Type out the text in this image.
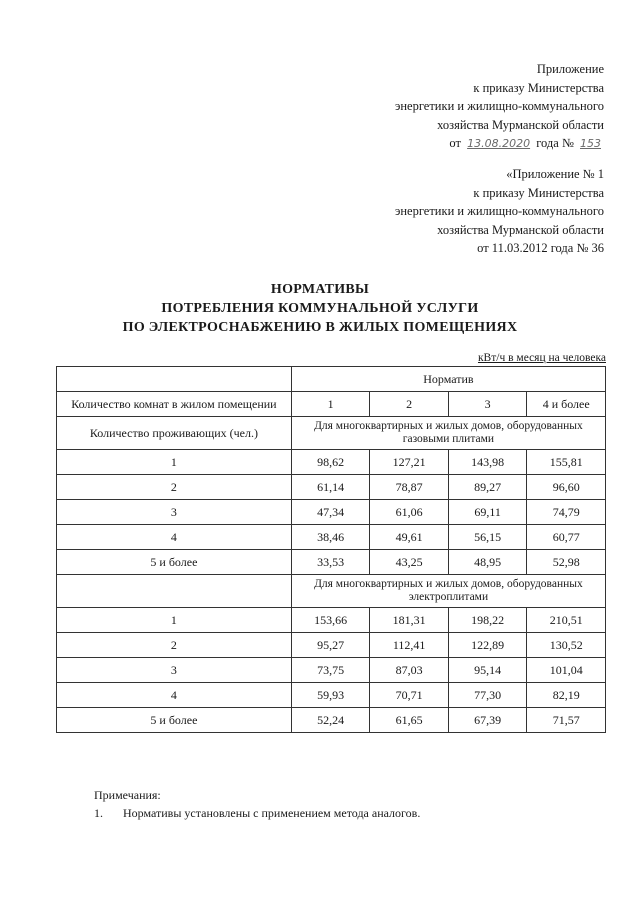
Приложение
к приказу Министерства
энергетики и жилищно-коммунального
хозяйства Мурманской области
от 13.08.2020 года № 153
«Приложение № 1
к приказу Министерства
энергетики и жилищно-коммунального
хозяйства Мурманской области
от 11.03.2012 года № 36
НОРМАТИВЫ
ПОТРЕБЛЕНИЯ КОММУНАЛЬНОЙ УСЛУГИ
ПО ЭЛЕКТРОСНАБЖЕНИЮ В ЖИЛЫХ ПОМЕЩЕНИЯХ
кВт/ч в месяц на человека
	Норматив			
Количество комнат в жилом помещении	1	2	3	4 и более
Количество проживающих (чел.)	Для многоквартирных и жилых домов, оборудованных газовыми плитами			
1	98,62	127,21	143,98	155,81
2	61,14	78,87	89,27	96,60
3	47,34	61,06	69,11	74,79
4	38,46	49,61	56,15	60,77
5 и более	33,53	43,25	48,95	52,98
	Для многоквартирных и жилых домов, оборудованных электроплитами			
1	153,66	181,31	198,22	210,51
2	95,27	112,41	122,89	130,52
3	73,75	87,03	95,14	101,04
4	59,93	70,71	77,30	82,19
5 и более	52,24	61,65	67,39	71,57
Примечания:
1. Нормативы установлены с применением метода аналогов.
